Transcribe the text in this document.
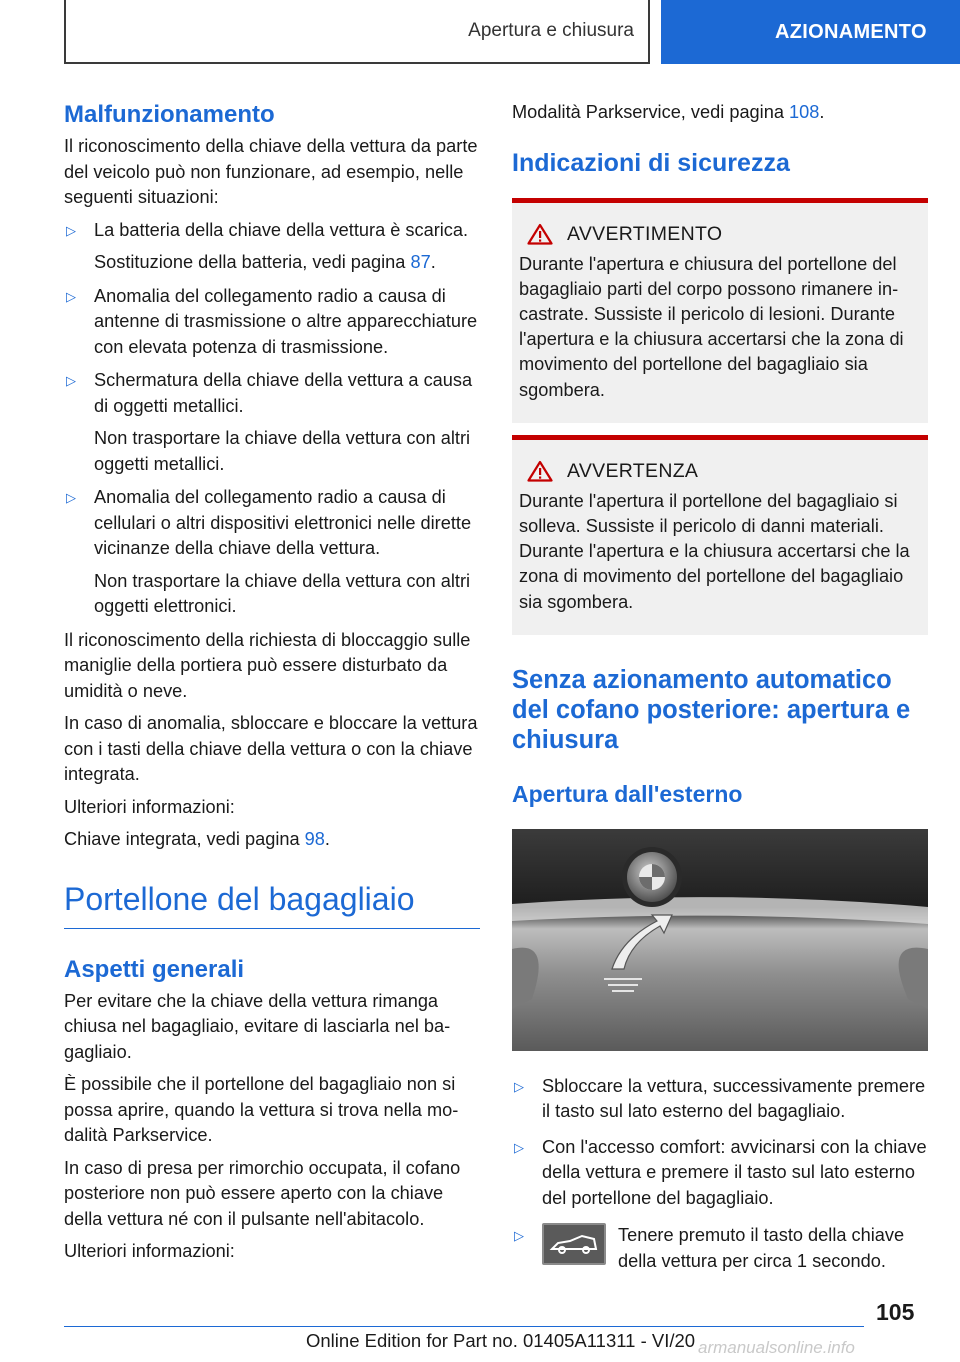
Apertura e chiusura	AZIONAMENTO
Malfunzionamento

Il riconoscimento della chiave della vettura da parte del veicolo può non funzionare, ad esempio, nelle seguenti situazioni:

▷ La batteria della chiave della vettura è scarica.
Sostituzione della batteria, vedi pagina 87.
▷ Anomalia del collegamento radio a causa di antenne di trasmissione o altre apparecchiature con elevata potenza di trasmissione.
▷ Schermatura della chiave della vettura a causa di oggetti metallici.
Non trasportare la chiave della vettura con altri oggetti metallici.
▷ Anomalia del collegamento radio a causa di cellulari o altri dispositivi elettronici nelle dirette vicinanze della chiave della vettura.
Non trasportare la chiave della vettura con altri oggetti elettronici.

Il riconoscimento della richiesta di bloccaggio sulle maniglie della portiera può essere disturbato da umidità o neve.

In caso di anomalia, sbloccare e bloccare la vettura con i tasti della chiave della vettura o con la chiave integrata.

Ulteriori informazioni:

Chiave integrata, vedi pagina 98.

Portellone del bagagliaio
Aspetti generali

Per evitare che la chiave della vettura rimanga chiusa nel bagagliaio, evitare di lasciarla nel bagagliaio.

È possibile che il portellone del bagagliaio non si possa aprire, quando la vettura si trova nella modalità Parkservice.

In caso di presa per rimorchio occupata, il cofano posteriore non può essere aperto con la chiave della vettura né con il pulsante nell'abitacolo.

Ulteriori informazioni:

Modalità Parkservice, vedi pagina 108.

Indicazioni di sicurezza
AVVERTIMENTO

Durante l'apertura e chiusura del portellone del bagagliaio parti del corpo possono rimanere incastrate. Sussiste il pericolo di lesioni. Durante l'apertura e la chiusura accertarsi che la zona di movimento del portellone del bagagliaio sia sgombera.

AVVERTENZA

Durante l'apertura il portellone del bagagliaio si solleva. Sussiste il pericolo di danni materiali. Durante l'apertura e la chiusura accertarsi che la zona di movimento del portellone del bagagliaio sia sgombera.

Senza azionamento automatico del cofano posteriore: apertura e chiusura
Apertura dall'esterno
▷ Sbloccare la vettura, successivamente premere il tasto sul lato esterno del bagagliaio.
▷ Con l'accesso comfort: avvicinarsi con la chiave della vettura e premere il tasto sul lato esterno del portellone del bagagliaio.
▷	Tenere premuto il tasto della chiave della vettura per circa 1 secondo.
105
Online Edition for Part no. 01405A11311 - VI/20 armanualsonline.info
